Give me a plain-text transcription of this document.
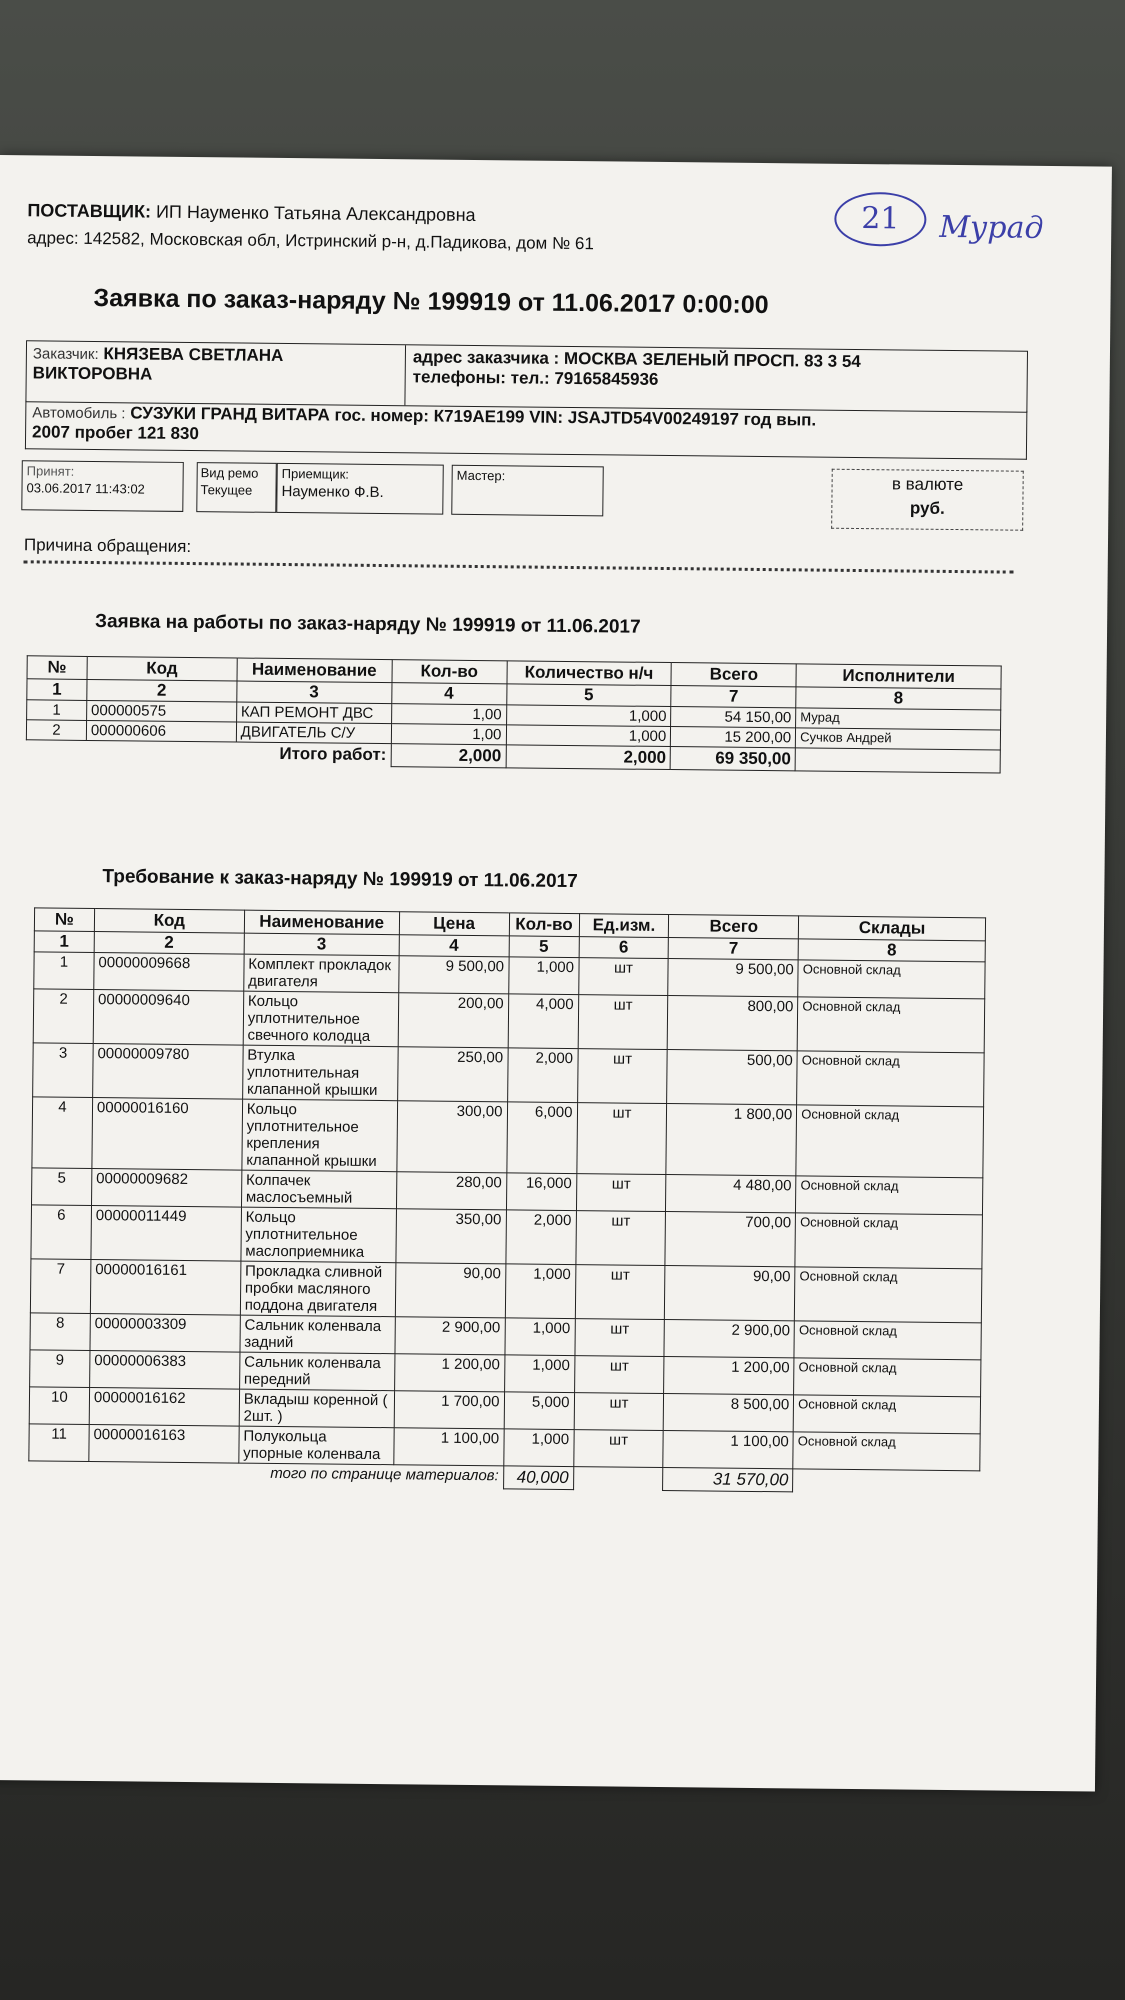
ПОСТАВЩИК: ИП Науменко Татьяна Александровна
адрес: 142582, Московская обл, Истринский р-н, д.Падикова, дом № 61
21	Мурад
Заявка по заказ-наряду № 199919 от 11.06.2017 0:00:00
Заказчик: КНЯЗЕВА СВЕТЛАНА
ВИКТОРОВНА
адрес заказчика : МОСКВА ЗЕЛЕНЫЙ ПРОСП. 83 3 54
телефоны: тел.: 79165845936
Автомобиль : СУЗУКИ ГРАНД ВИТАРА гос. номер: К719АЕ199 VIN: JSAJTD54V00249197 год вып.
2007 пробег 121 830
Принят:
03.06.2017 11:43:02
Вид ремо
Текущее
Приемщик:
Науменко Ф.В.
Мастер:	в валюте
руб.
Причина обращения:
Заявка на работы по заказ-наряду № 199919 от 11.06.2017
№	Код	Наименование	Кол-во	Количество н/ч	Всего	Исполнители
1	2	3	4	5	7	8
1	000000575	КАП РЕМОНТ ДВС	1,00	1,000	54 150,00	Мурад
2	000000606	ДВИГАТЕЛЬ С/У	1,00	1,000	15 200,00	Сучков Андрей
Итого работ:			2,000	2,000	69 350,00	
Требование к заказ-наряду № 199919 от 11.06.2017
№	Код	Наименование	Цена	Кол-во	Ед.изм.	Всего	Склады
1	2	3	4	5	6	7	8
1	00000009668	Комплект прокладок двигателя	9 500,00	1,000	шт	9 500,00	Основной склад
2	00000009640	Кольцо уплотнительное свечного колодца	200,00	4,000	шт	800,00	Основной склад
3	00000009780	Втулка уплотнительная клапанной крышки	250,00	2,000	шт	500,00	Основной склад
4	00000016160	Кольцо уплотнительное крепления клапанной крышки	300,00	6,000	шт	1 800,00	Основной склад
5	00000009682	Колпачек маслосъемный	280,00	16,000	шт	4 480,00	Основной склад
6	00000011449	Кольцо уплотнительное маслоприемника	350,00	2,000	шт	700,00	Основной склад
7	00000016161	Прокладка сливной пробки масляного поддона двигателя	90,00	1,000	шт	90,00	Основной склад
8	00000003309	Сальник коленвала задний	2 900,00	1,000	шт	2 900,00	Основной склад
9	00000006383	Сальник коленвала передний	1 200,00	1,000	шт	1 200,00	Основной склад
10	00000016162	Вкладыш коренной ( 2шт. )	1 700,00	5,000	шт	8 500,00	Основной склад
11	00000016163	Полукольца упорные коленвала	1 100,00	1,000	шт	1 100,00	Основной склад
того по странице материалов:				40,000		31 570,00	
